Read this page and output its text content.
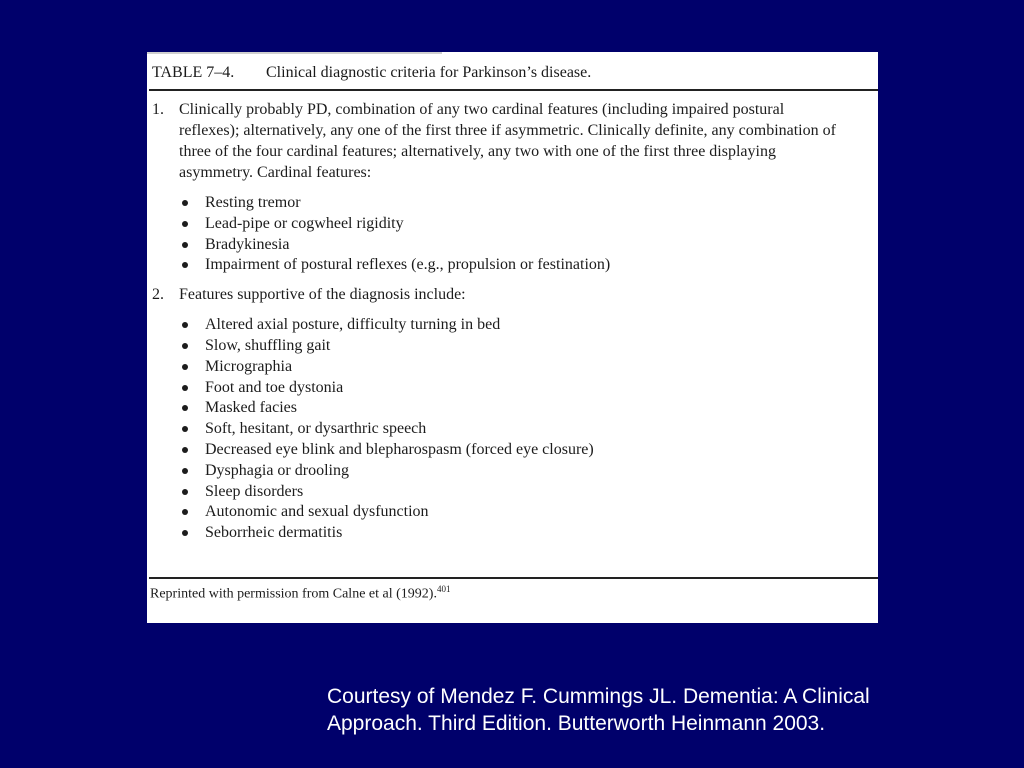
TABLE 7–4. Clinical diagnostic criteria for Parkinson’s disease.
1. Clinically probably PD, combination of any two cardinal features (including impaired postural reflexes); alternatively, any one of the first three if asymmetric. Clinically definite, any combination of three of the four cardinal features; alternatively, any two with one of the first three displaying asymmetry. Cardinal features:
Resting tremor
Lead-pipe or cogwheel rigidity
Bradykinesia
Impairment of postural reflexes (e.g., propulsion or festination)
2. Features supportive of the diagnosis include:
Altered axial posture, difficulty turning in bed
Slow, shuffling gait
Micrographia
Foot and toe dystonia
Masked facies
Soft, hesitant, or dysarthric speech
Decreased eye blink and blepharospasm (forced eye closure)
Dysphagia or drooling
Sleep disorders
Autonomic and sexual dysfunction
Seborrheic dermatitis
Reprinted with permission from Calne et al (1992).$^{401}$
Courtesy of Mendez F. Cummings JL. Dementia: A Clinical
Approach. Third Edition. Butterworth Heinmann 2003.
